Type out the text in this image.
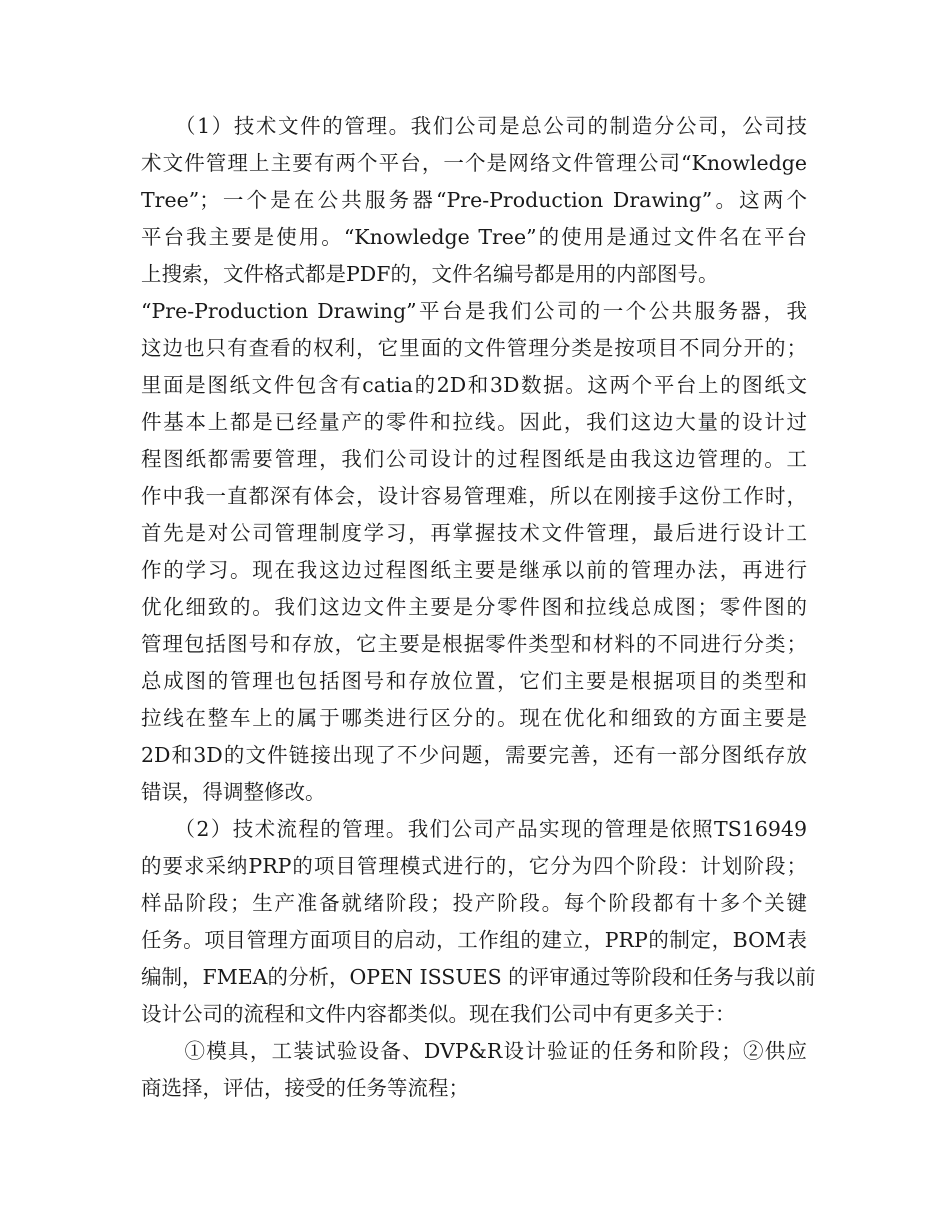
　　（1）技术文件的管理。我们公司是总公司的制造分公司，公司技
术文件管理上主要有两个平台，一个是网络文件管理公司“Knowledge
Tree”；一个是在公共服务器“Pre-Production Drawing”。这两个
平台我主要是使用。“Knowledge Tree”的使用是通过文件名在平台
上搜索，文件格式都是PDF的，文件名编号都是用的内部图号。
“Pre-Production Drawing”平台是我们公司的一个公共服务器，我
这边也只有查看的权利，它里面的文件管理分类是按项目不同分开的；
里面是图纸文件包含有catia的2D和3D数据。这两个平台上的图纸文
件基本上都是已经量产的零件和拉线。因此，我们这边大量的设计过
程图纸都需要管理，我们公司设计的过程图纸是由我这边管理的。工
作中我一直都深有体会，设计容易管理难，所以在刚接手这份工作时，
首先是对公司管理制度学习，再掌握技术文件管理，最后进行设计工
作的学习。现在我这边过程图纸主要是继承以前的管理办法，再进行
优化细致的。我们这边文件主要是分零件图和拉线总成图；零件图的
管理包括图号和存放，它主要是根据零件类型和材料的不同进行分类；
总成图的管理也包括图号和存放位置，它们主要是根据项目的类型和
拉线在整车上的属于哪类进行区分的。现在优化和细致的方面主要是
2D和3D的文件链接出现了不少问题，需要完善，还有一部分图纸存放
错误，得调整修改。
　　（2）技术流程的管理。我们公司产品实现的管理是依照TS16949
的要求采纳PRP的项目管理模式进行的，它分为四个阶段：计划阶段；
样品阶段；生产准备就绪阶段；投产阶段。每个阶段都有十多个关键
任务。项目管理方面项目的启动，工作组的建立，PRP的制定，BOM表
编制，FMEA的分析，OPEN ISSUES 的评审通过等阶段和任务与我以前
设计公司的流程和文件内容都类似。现在我们公司中有更多关于：
　　①模具，工装试验设备、DVP&R设计验证的任务和阶段；②供应
商选择，评估，接受的任务等流程；
